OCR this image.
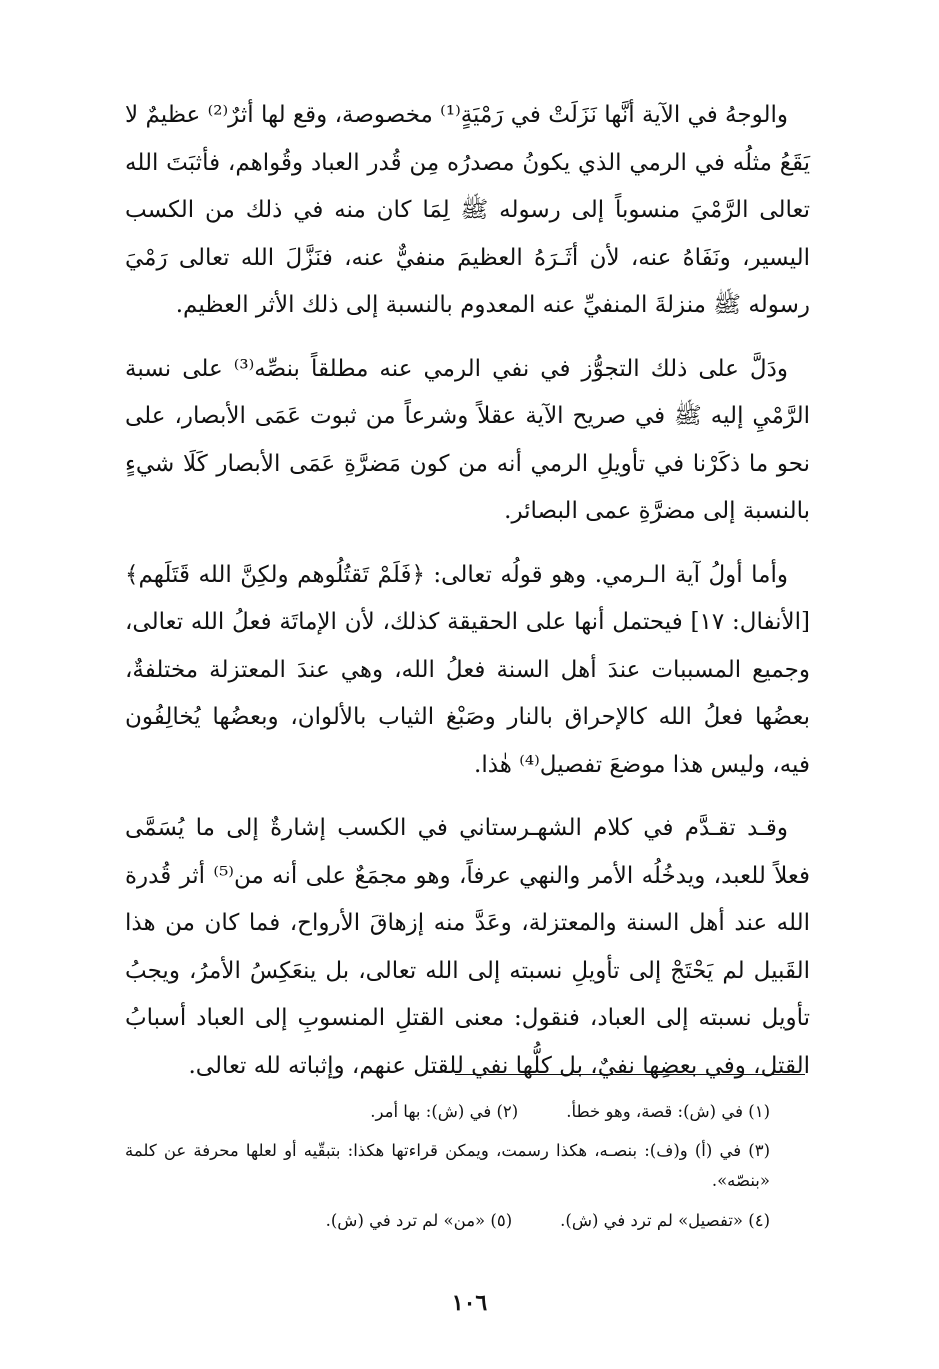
والوجهُ في الآية أنَّها نَزَلَتْ في رَمْيَةٍ⁽¹⁾ مخصوصة، وقع لها أثرٌ⁽²⁾ عظيمٌ لا يَقَعُ مثلُه في الرمي الذي يكونُ مصدرُه مِن قُدر العباد وقُواهم، فأثبَتَ الله تعالى الرَّمْيَ منسوباً إلى رسوله ﷺ لِمَا كان منه في ذلك من الكسب اليسير، ونَفَاهُ عنه، لأن أثَـرَهُ العظيمَ منفيٌّ عنه، فنَزَّلَ الله تعالى رَمْيَ رسوله ﷺ منزلةَ المنفيِّ عنه المعدوم بالنسبة إلى ذلك الأثر العظيم.

ودَلَّ على ذلك التجوُّز في نفي الرمي عنه مطلقاً بنصِّه⁽³⁾ على نسبة الرَّمْيِ إليه ﷺ في صريح الآية عقلاً وشرعاً من ثبوت عَمَى الأبصار، على نحو ما ذكَرْنا في تأويلِ الرمي أنه من كون مَضرَّةِ عَمَى الأبصار كَلَا شيءٍ بالنسبة إلى مضرَّةِ عمى البصائر.

وأما أولُ آية الـرمي. وهو قولُه تعالى: ﴿فَلَمْ تَقتُلُوهم ولكِنَّ الله قَتَلَهم﴾ [الأنفال: ١٧] فيحتمل أنها على الحقيقة كذلك، لأن الإماتَة فعلُ الله تعالى، وجميع المسببات عندَ أهل السنة فعلُ الله، وهي عندَ المعتزلة مختلفةٌ، بعضُها فعلُ الله كالإحراق بالنار وصَبْغ الثياب بالألوان، وبعضُها يُخالِفُون فيه، وليس هذا موضعَ تفصيل⁽⁴⁾ هٰذا.

وقـد تقـدَّم في كلام الشهـرستاني في الكسب إشارةٌ إلى ما يُسَمَّى فعلاً للعبد، ويدخُلُه الأمر والنهي عرفاً، وهو مجمَعٌ على أنه من⁽⁵⁾ أثر قُدرة الله عند أهل السنة والمعتزلة، وعَدَّ منه إزهاقَ الأرواح، فما كان من هذا القَبيل لم يَحْتَجْ إلى تأويلِ نسبته إلى الله تعالى، بل ينعَكِسُ الأمرُ، ويجبُ تأويل نسبته إلى العباد، فنقول: معنى القتلِ المنسوبِ إلى العباد أسبابُ القتل، وفي بعضِها نفيٌ، بل كلُّها نفي للقتل عنهم، وإثباته لله تعالى.

(١) في (ش): قصة، وهو خطأ.(٢) في (ش): بها أمر.
(٣) في (أ) و(ف): بنصـه، هكذا رسمت، ويمكن قراءتها هكذا: بتبقّيه أو لعلها محرفة عن كلمة «بنصّه».
(٤) «تفصيل» لم ترد في (ش).(٥) «من» لم ترد في (ش).
١٠٦
